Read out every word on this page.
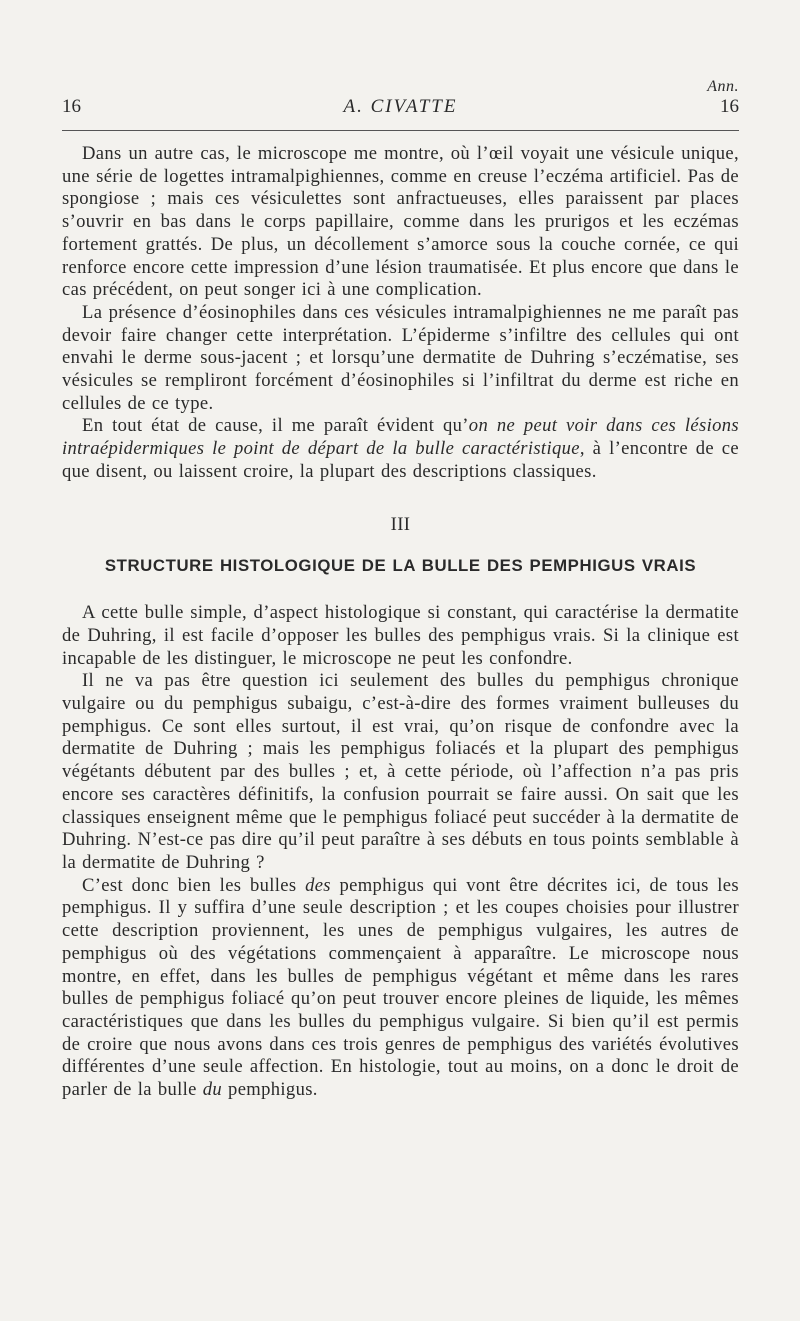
Ann.
16	A. CIVATTE	16

Dans un autre cas, le microscope me montre, où l’œil voyait une vésicule unique, une série de logettes intramalpighiennes, comme en creuse l’eczéma artificiel. Pas de spongiose ; mais ces vésiculettes sont anfractueuses, elles paraissent par places s’ouvrir en bas dans le corps papillaire, comme dans les prurigos et les eczémas fortement grattés. De plus, un décollement s’amorce sous la couche cornée, ce qui renforce encore cette impression d’une lésion traumatisée. Et plus encore que dans le cas précédent, on peut songer ici à une complication.

La présence d’éosinophiles dans ces vésicules intramalpighiennes ne me paraît pas devoir faire changer cette interprétation. L’épiderme s’infiltre des cellules qui ont envahi le derme sous-jacent ; et lorsqu’une dermatite de Duhring s’eczématise, ses vésicules se rempliront forcément d’éosinophiles si l’infiltrat du derme est riche en cellules de ce type.

En tout état de cause, il me paraît évident qu’on ne peut voir dans ces lésions intraépidermiques le point de départ de la bulle caractéristique, à l’encontre de ce que disent, ou laissent croire, la plupart des descriptions classiques.

III
STRUCTURE HISTOLOGIQUE DE LA BULLE DES PEMPHIGUS VRAIS

A cette bulle simple, d’aspect histologique si constant, qui caractérise la dermatite de Duhring, il est facile d’opposer les bulles des pemphigus vrais. Si la clinique est incapable de les distinguer, le microscope ne peut les confondre.

Il ne va pas être question ici seulement des bulles du pemphigus chronique vulgaire ou du pemphigus subaigu, c’est-à-dire des formes vraiment bulleuses du pemphigus. Ce sont elles surtout, il est vrai, qu’on risque de confondre avec la dermatite de Duhring ; mais les pemphigus foliacés et la plupart des pemphigus végétants débutent par des bulles ; et, à cette période, où l’affection n’a pas pris encore ses caractères définitifs, la confusion pourrait se faire aussi. On sait que les classiques enseignent même que le pemphigus foliacé peut succéder à la dermatite de Duhring. N’est-ce pas dire qu’il peut paraître à ses débuts en tous points semblable à la dermatite de Duhring ?

C’est donc bien les bulles des pemphigus qui vont être décrites ici, de tous les pemphigus. Il y suffira d’une seule description ; et les coupes choisies pour illustrer cette description proviennent, les unes de pemphigus vulgaires, les autres de pemphigus où des végétations commençaient à apparaître. Le microscope nous montre, en effet, dans les bulles de pemphigus végétant et même dans les rares bulles de pemphigus foliacé qu’on peut trouver encore pleines de liquide, les mêmes caractéristiques que dans les bulles du pemphigus vulgaire. Si bien qu’il est permis de croire que nous avons dans ces trois genres de pemphigus des variétés évolutives différentes d’une seule affection. En histologie, tout au moins, on a donc le droit de parler de la bulle du pemphigus.
